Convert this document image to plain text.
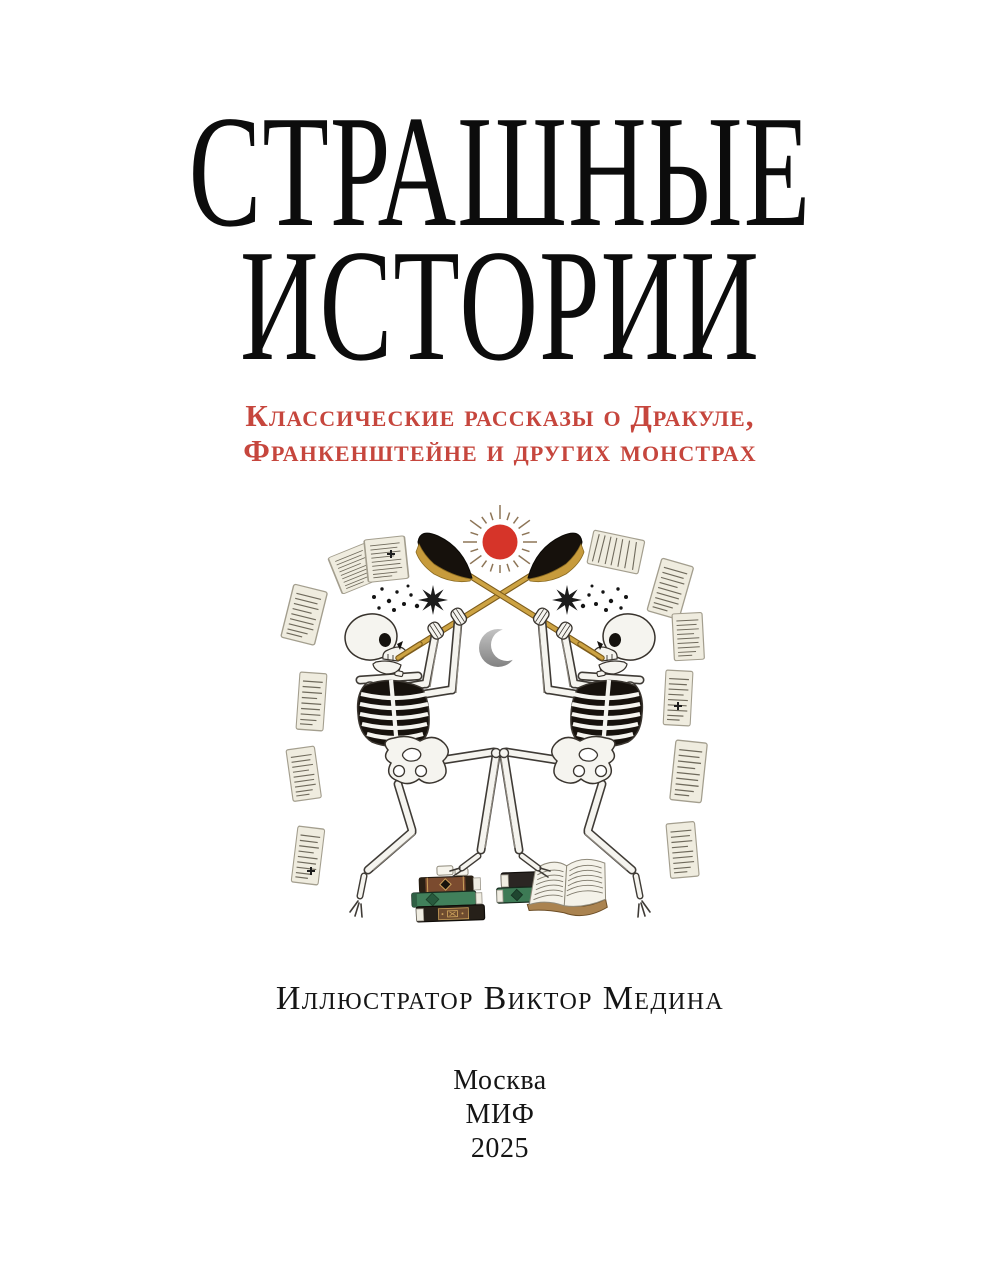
СТРАШНЫЕ
ИСТОРИИ
Классические рассказы о Дракуле,
Франкенштейне и других монстрах
Иллюстратор Виктор Медина
Москва
МИФ
2025
